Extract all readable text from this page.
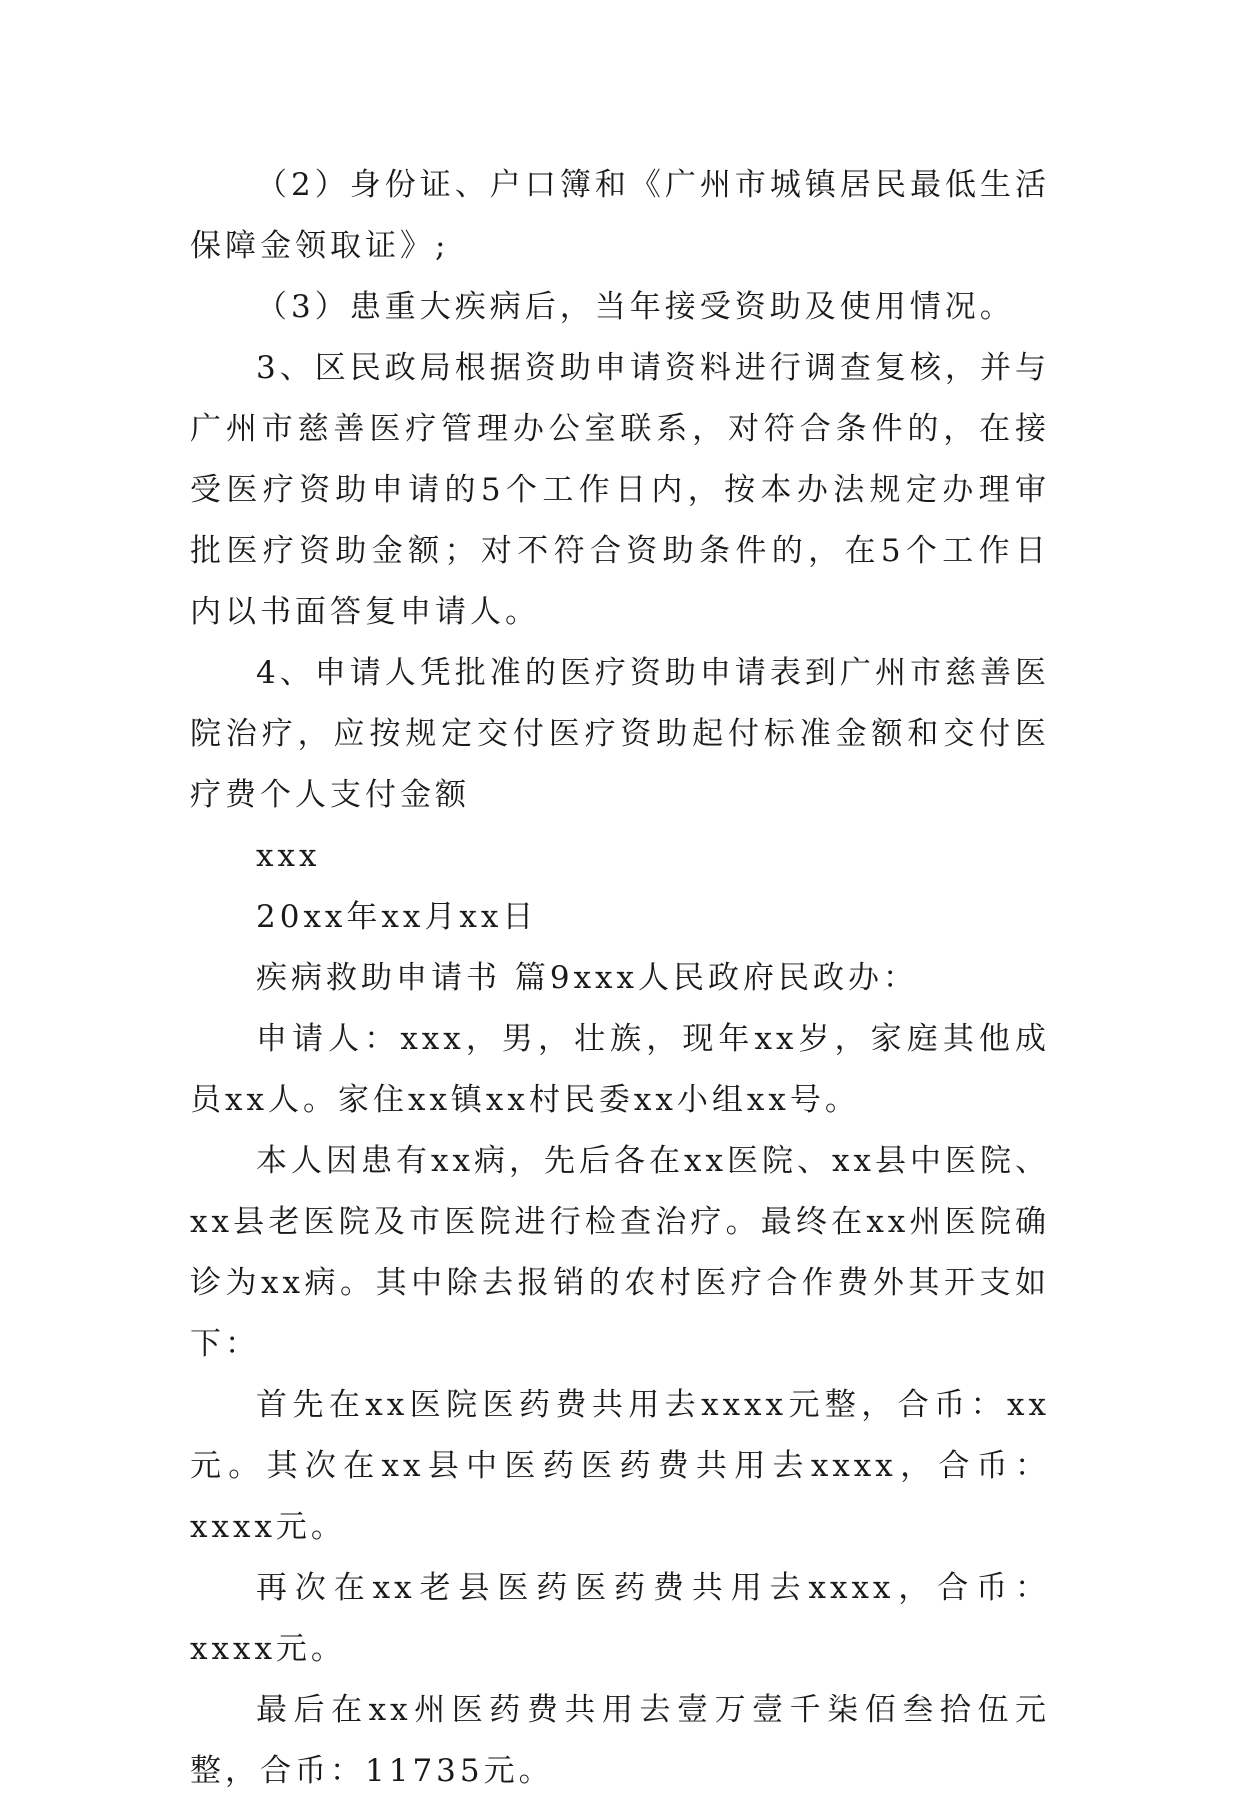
（2）身份证、户口簿和《广州市城镇居民最低生活保障金领取证》;

（3）患重大疾病后，当年接受资助及使用情况。

3、区民政局根据资助申请资料进行调查复核，并与广州市慈善医疗管理办公室联系，对符合条件的，在接受医疗资助申请的5个工作日内，按本办法规定办理审批医疗资助金额；对不符合资助条件的，在5个工作日内以书面答复申请人。

4、申请人凭批准的医疗资助申请表到广州市慈善医院治疗，应按规定交付医疗资助起付标准金额和交付医疗费个人支付金额

xxx

20xx年xx月xx日

疾病救助申请书 篇9xxx人民政府民政办：

申请人：xxx，男，壮族，现年xx岁，家庭其他成员xx人。家住xx镇xx村民委xx小组xx号。

本人因患有xx病，先后各在xx医院、xx县中医院、xx县老医院及市医院进行检查治疗。最终在xx州医院确诊为xx病。其中除去报销的农村医疗合作费外其开支如下：

首先在xx医院医药费共用去xxxx元整，合币：xx元。其次在xx县中医药医药费共用去xxxx，合币：xxxx元。

再次在xx老县医药医药费共用去xxxx，合币：xxxx元。

最后在xx州医药费共用去壹万壹千柒佰叁拾伍元整，合币：11735元。
